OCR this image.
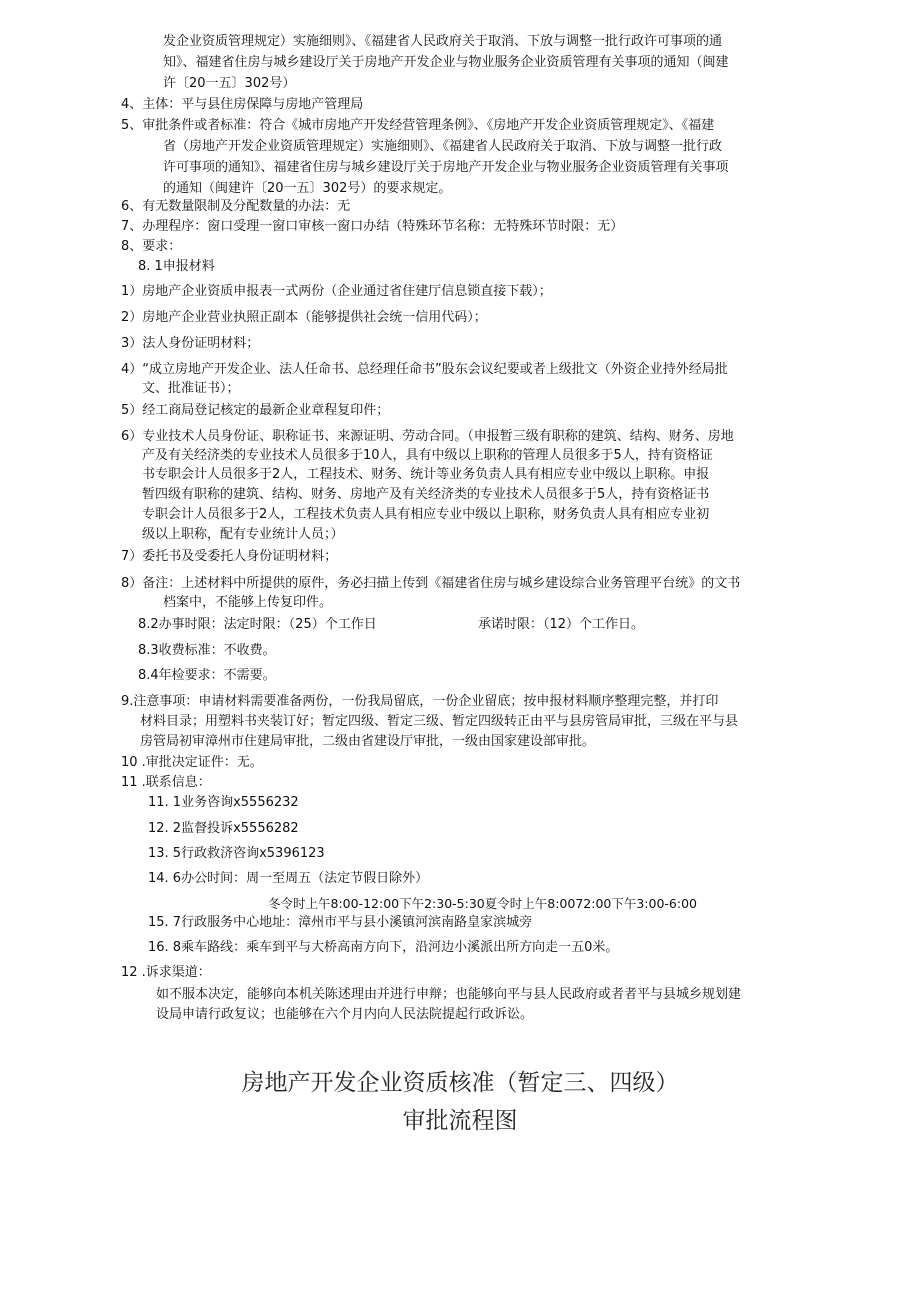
发企业资质管理规定）实施细则》、《福建省人民政府关于取消、下放与调整一批行政许可事项的通
知》、福建省住房与城乡建设厅关于房地产开发企业与物业服务企业资质管理有关事项的通知（闽建
许〔20一五〕302号）
4、主体：平与县住房保障与房地产管理局
5、审批条件或者标准：符合《城市房地产开发经营管理条例》、《房地产开发企业资质管理规定》、《福建
省（房地产开发企业资质管理规定）实施细则》、《福建省人民政府关于取消、下放与调整一批行政
许可事项的通知》、福建省住房与城乡建设厅关于房地产开发企业与物业服务企业资质管理有关事项
的通知（闽建许〔20一五〕302号）的要求规定。
6、有无数量限制及分配数量的办法：无
7、办理程序：窗口受理一窗口审核一窗口办结（特殊环节名称：无特殊环节时限：无）
8、要求：
8. 1申报材料
1）房地产企业资质申报表一式两份（企业通过省住建厅信息锁直接下载）；
2）房地产企业营业执照正副本（能够提供社会统一信用代码）；
3）法人身份证明材料；
4）“成立房地产开发企业、法人任命书、总经理任命书”股东会议纪要或者上级批文（外资企业持外经局批
文、批准证书）；
5）经工商局登记核定的最新企业章程复印件；
6）专业技术人员身份证、职称证书、来源证明、劳动合同。（申报暂三级有职称的建筑、结构、财务、房地
产及有关经济类的专业技术人员很多于10人，具有中级以上职称的管理人员很多于5人，持有资格证
书专职会计人员很多于2人，工程技术、财务、统计等业务负责人具有相应专业中级以上职称。申报
暂四级有职称的建筑、结构、财务、房地产及有关经济类的专业技术人员很多于5人，持有资格证书
专职会计人员很多于2人，工程技术负责人具有相应专业中级以上职称，财务负责人具有相应专业初
级以上职称，配有专业统计人员；）
7）委托书及受委托人身份证明材料；
8）备注：上述材料中所提供的原件，务必扫描上传到《福建省住房与城乡建设综合业务管理平台统》的文书
档案中，不能够上传复印件。
8.2办事时限：法定时限：（25）个工作日	承诺时限：（12）个工作日。
8.3收费标准：不收费。
8.4年检要求：不需要。
9.注意事项：申请材料需要准备两份，一份我局留底，一份企业留底；按申报材料顺序整理完整，并打印
材料目录；用塑料书夹装订好；暂定四级、暂定三级、暂定四级转正由平与县房管局审批，三级在平与县
房管局初审漳州市住建局审批，二级由省建设厅审批，一级由国家建设部审批。
10 .审批决定证件：无。
11 .联系信息：
11. 1业务咨询x5556232
12. 2监督投诉x5556282
13. 5行政救济咨询x5396123
14. 6办公时间：周一至周五（法定节假日除外）
冬令时上午8:00-12:00下午2:30-5:30夏令时上午8:0072:00下午3:00-6:00
15. 7行政服务中心地址：漳州市平与县小溪镇河滨南路皇家滨城旁
16. 8乘车路线：乘车到平与大桥高南方向下，沿河边小溪派出所方向走一五0米。
12 .诉求渠道：
如不服本决定，能够向本机关陈述理由并进行申辩；也能够向平与县人民政府或者者平与县城乡规划建
设局申请行政复议；也能够在六个月内向人民法院提起行政诉讼。
房地产开发企业资质核准（暂定三、四级）
审批流程图
